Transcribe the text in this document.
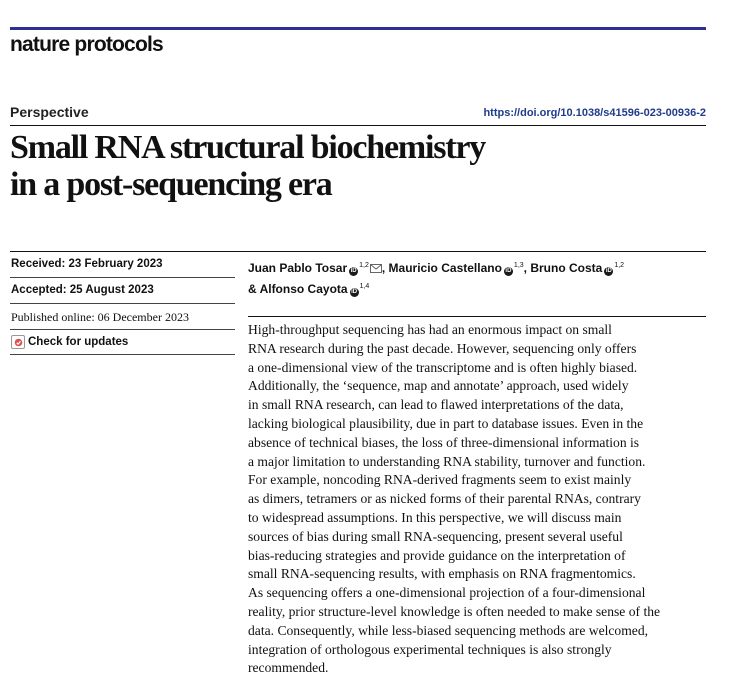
nature protocols
Perspective	https://doi.org/10.1038/s41596-023-00936-2
Small RNA structural biochemistry
in a post-sequencing era
Received: 23 February 2023
Accepted: 25 August 2023
Published online: 06 December 2023
Check for updates
Juan Pablo Tosar iD$^{1,2}$ , Mauricio Castellano iD$^{1,3}$, Bruno Costa iD$^{1,2}$
& Alfonso Cayota iD$^{1,4}$
High-throughput sequencing has had an enormous impact on small
RNA research during the past decade. However, sequencing only offers
a one-dimensional view of the transcriptome and is often highly biased.
Additionally, the ‘sequence, map and annotate’ approach, used widely
in small RNA research, can lead to flawed interpretations of the data,
lacking biological plausibility, due in part to database issues. Even in the
absence of technical biases, the loss of three-dimensional information is
a major limitation to understanding RNA stability, turnover and function.
For example, noncoding RNA-derived fragments seem to exist mainly
as dimers, tetramers or as nicked forms of their parental RNAs, contrary
to widespread assumptions. In this perspective, we will discuss main
sources of bias during small RNA-sequencing, present several useful
bias-reducing strategies and provide guidance on the interpretation of
small RNA-sequencing results, with emphasis on RNA fragmentomics.
As sequencing offers a one-dimensional projection of a four-dimensional
reality, prior structure-level knowledge is often needed to make sense of the
data. Consequently, while less-biased sequencing methods are welcomed,
integration of orthologous experimental techniques is also strongly
recommended.
